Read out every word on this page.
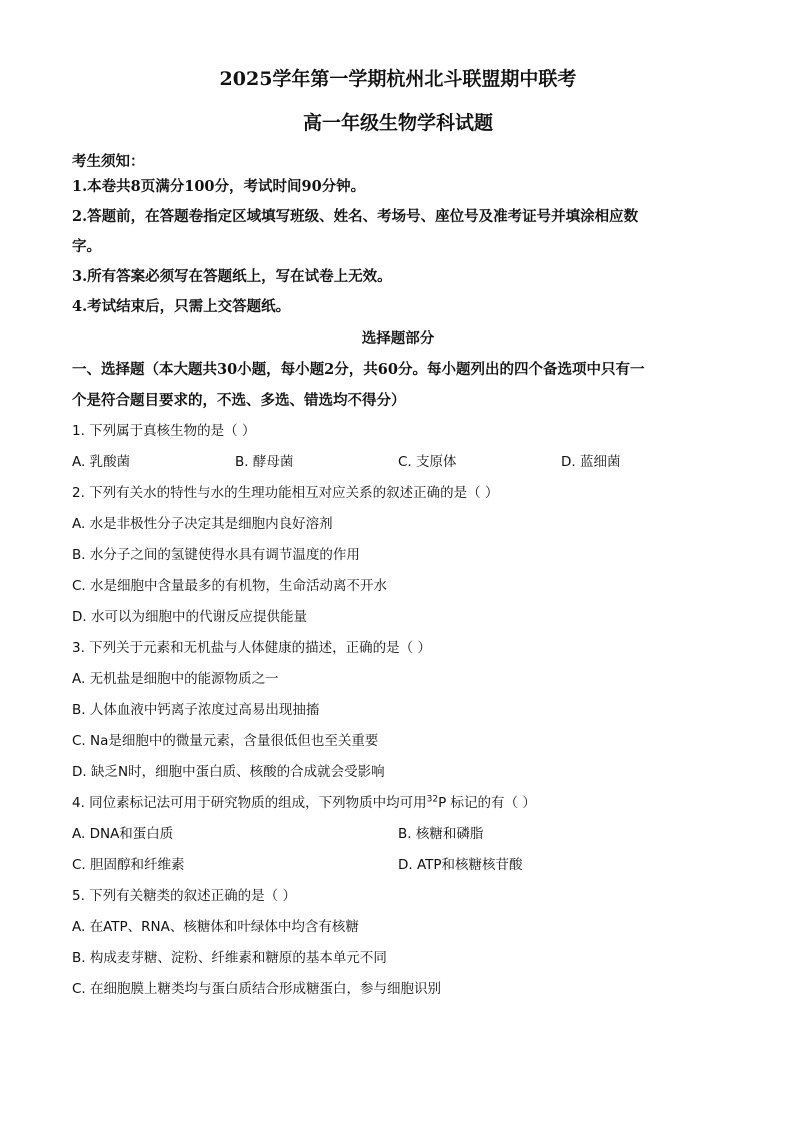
2025学年第一学期杭州北斗联盟期中联考

高一年级生物学科试题

考生须知：
1.本卷共8页满分100分，考试时间90分钟。
2.答题前，在答题卷指定区域填写班级、姓名、考场号、座位号及准考证号并填涂相应数
字。
3.所有答案必须写在答题纸上，写在试卷上无效。
4.考试结束后，只需上交答题纸。
选择题部分
一、选择题（本大题共30小题，每小题2分，共60分。每小题列出的四个备选项中只有一
个是符合题目要求的，不选、多选、错选均不得分）
1. 下列属于真核生物的是（ ）
A. 乳酸菌	B. 酵母菌	C. 支原体	D. 蓝细菌
2. 下列有关水的特性与水的生理功能相互对应关系的叙述正确的是（ ）
A. 水是非极性分子决定其是细胞内良好溶剂
B. 水分子之间的氢键使得水具有调节温度的作用
C. 水是细胞中含量最多的有机物，生命活动离不开水
D. 水可以为细胞中的代谢反应提供能量
3. 下列关于元素和无机盐与人体健康的描述，正确的是（ ）
A. 无机盐是细胞中的能源物质之一
B. 人体血液中钙离子浓度过高易出现抽搐
C. Na是细胞中的微量元素，含量很低但也至关重要
D. 缺乏N时，细胞中蛋白质、核酸的合成就会受影响
4. 同位素标记法可用于研究物质的组成，下列物质中均可用$^{32}$P 标记的有（ ）
A. DNA和蛋白质	B. 核糖和磷脂
C. 胆固醇和纤维素	D. ATP和核糖核苷酸
5. 下列有关糖类的叙述正确的是（ ）
A. 在ATP、RNA、核糖体和叶绿体中均含有核糖
B. 构成麦芽糖、淀粉、纤维素和糖原的基本单元不同
C. 在细胞膜上糖类均与蛋白质结合形成糖蛋白，参与细胞识别
